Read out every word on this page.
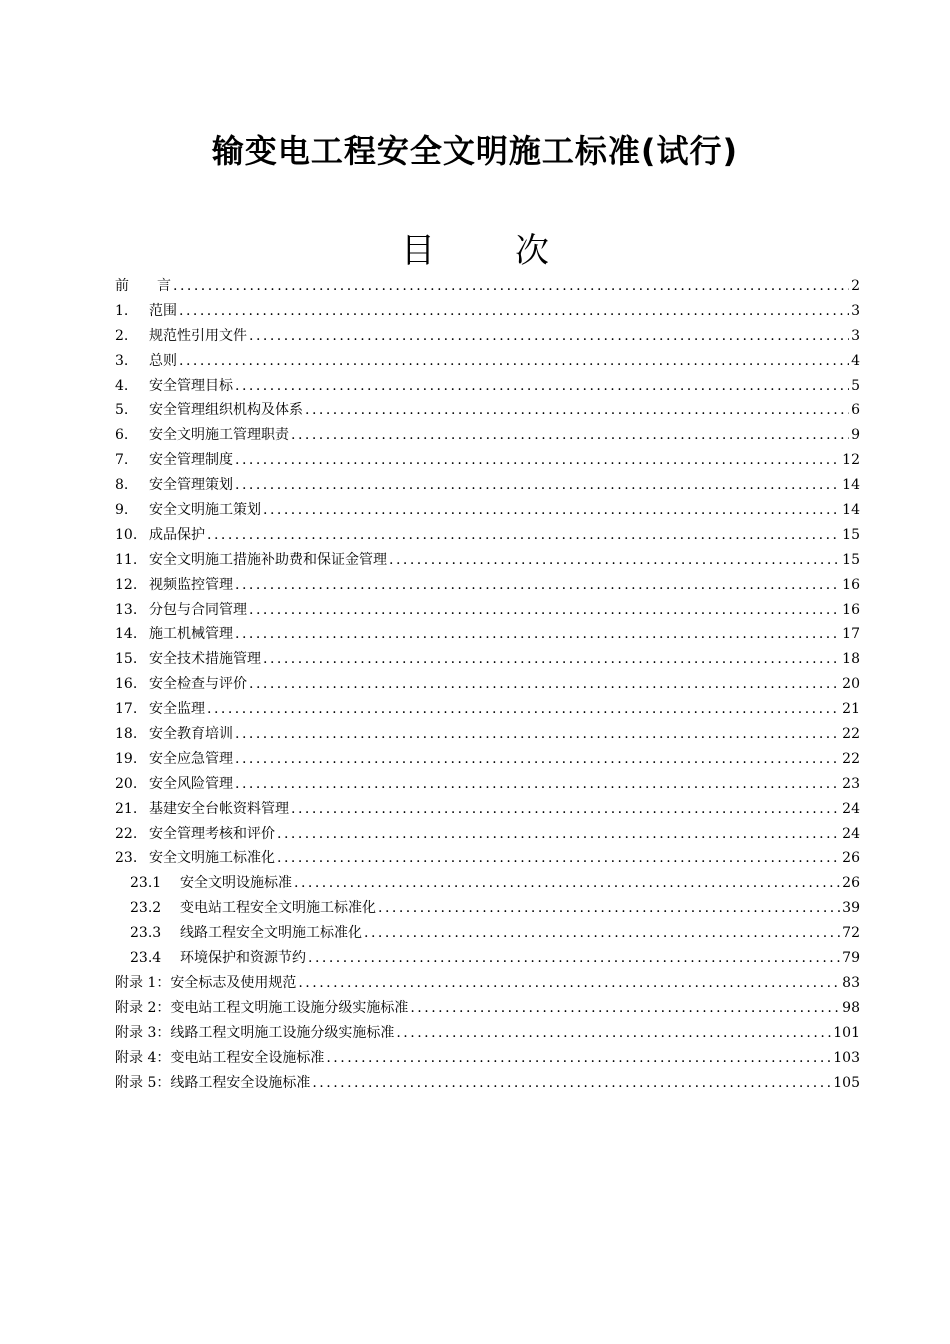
输变电工程安全文明施工标准(试行)
目 次
前　　言 .....	2
1.	范围 .....	3
2.	规范性引用文件 .....	3
3.	总则 .....	4
4.	安全管理目标 .....	5
5.	安全管理组织机构及体系 .....	6
6.	安全文明施工管理职责 .....	9
7.	安全管理制度 .....	12
8.	安全管理策划 .....	14
9.	安全文明施工策划 .....	14
10. 成品保护 .....	15
11. 安全文明施工措施补助费和保证金管理 .....	15
12. 视频监控管理 .....	16
13. 分包与合同管理 .....	16
14. 施工机械管理 .....	17
15. 安全技术措施管理 .....	18
16. 安全检查与评价 .....	20
17. 安全监理 .....	21
18. 安全教育培训 .....	22
19. 安全应急管理 .....	22
20. 安全风险管理 .....	23
21. 基建安全台帐资料管理 .....	24
22. 安全管理考核和评价 .....	24
23. 安全文明施工标准化 .....	26
23.1	安全文明设施标准 .....	26
23.2	变电站工程安全文明施工标准化 .....	39
23.3	线路工程安全文明施工标准化 .....	72
23.4	环境保护和资源节约 .....	79
附录 1：安全标志及使用规范 .....	83
附录 2：变电站工程文明施工设施分级实施标准 .....	98
附录 3：线路工程文明施工设施分级实施标准 .....	101
附录 4：变电站工程安全设施标准 .....	103
附录 5：线路工程安全设施标准 .....	105
